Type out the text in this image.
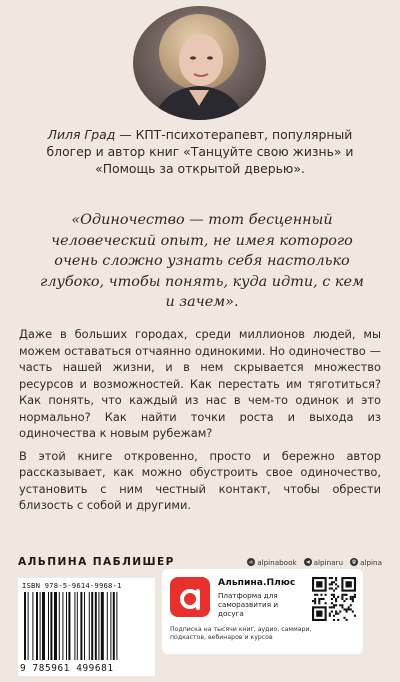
Лиля Град — КПТ-психотерапевт, популярный блогер и автор книг «Танцуйте свою жизнь» и «Помощь за открытой дверью».
«Одиночество — тот бесценный человеческий опыт, не имея которого очень сложно узнать себя настолько глубоко, чтобы понять, куда идти, с кем и зачем».

Даже в больших городах, среди миллионов людей, мы можем оставаться отчаянно одинокими. Но одиночество — часть нашей жизни, и в нем скрывается множество ресурсов и возможностей. Как перестать им тяготиться? Как понять, что каждый из нас в чем-то одинок и это нормально? Как найти точки роста и выхода из одиночества к новым рубежам?

В этой книге откровенно, просто и бережно автор рассказывает, как можно обустроить свое одиночество, установить с ним честный контакт, чтобы обрести близость с собой и другими.

АЛЬПИНА ПАБЛИШЕР	vk alpinabook alpinaru alpina
ISBN 978-5-9614-9968-1
9 785961 499681
Альпина.Плюс
Платформа для саморазвития и досуга
Подписка на тысячи книг, аудио, саммари, подкастов, вебинаров и курсов
